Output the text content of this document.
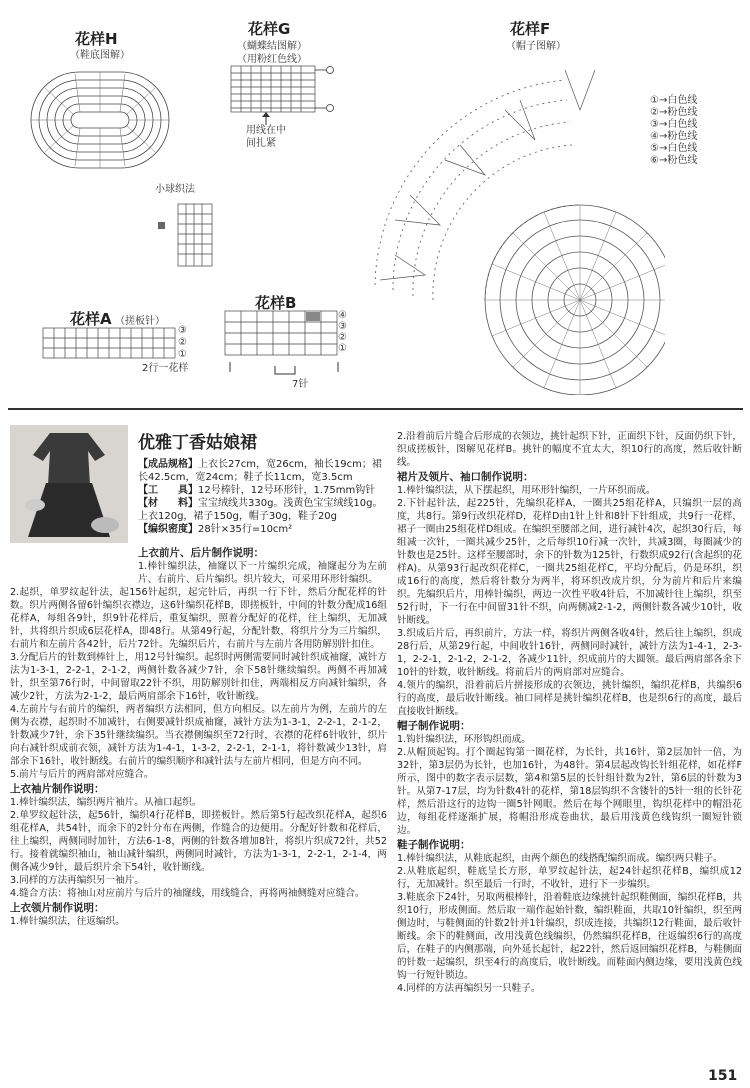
花样H
（鞋底图解）
花样G
（蝴蝶结图解）
（用粉红色线）
用线在中
间扎紧
小球织法
花样A （搓板针）
③
②
①
2行一花样
花样B
④
③
②
①
7针
花样F
（帽子图解）
①→白色线
②→粉色线
③→白色线
④→粉色线
⑤→白色线
⑥→粉色线
优雅丁香姑娘裙
【成品规格】上衣长27cm，宽26cm，袖长19cm；裙长42.5cm，宽24cm；鞋子长11cm，宽3.5cm
【工　　具】12号棒针，12号环形针，1.75mm钩针
【材　　料】宝宝绒线共330g。浅黄色宝宝绒线10g。上衣120g，裙子150g，帽子30g，鞋子20g
【编织密度】28针×35行=10cm²
上衣前片、后片制作说明：
1.棒针编织法，袖窿以下一片编织完成，袖窿起分为左前片、右前片、后片编织。织片较大，可采用环形针编织。
2.起织，单罗纹起针法，起156针起织，起完针后，再织一行下针，然后分配花样的针数。织片两侧各留6针编织衣襟边，这6针编织花样B，即搓板针，中间的针数分配成16组花样A，每组各9针，织9针花样后，重复编织，照着分配好的花样，往上编织，无加减针，共将织片织成6层花样A，即48行。从第49行起，分配针数，将织片分为三片编织，右前片和左前片各42针，后片72针。先编织后片，右前片与左前片各用防解别针扣住。
3.分配后片的针数到棒针上，用12号针编织。起织时两侧需要同时减针织成袖窿，减针方法为1-3-1，2-2-1，2-1-2，两侧针数各减少7针，余下58针继续编织。两侧不再加减针，织至第76行时，中间留取22针不织，用防解别针扣住，两端相反方向减针编织，各减少2针，方法为2-1-2，最后两肩部余下16针，收针断线。
4.左前片与右前片的编织，两者编织方法相同，但方向相反。以左前片为例，左前片的左侧为衣襟，起织时不加减针，右侧要减针织成袖窿，减针方法为1-3-1，2-2-1，2-1-2，针数减少7针，余下35针继续编织。当衣襟侧编织至72行时，衣襟的花样6针收针，织片向右减针织成前衣领，减针方法为1-4-1，1-3-2，2-2-1，2-1-1，将针数减少13针，肩部余下16针，收针断线。右前片的编织顺序和减针法与左前片相同，但是方向不同。
5.前片与后片的两肩部对应缝合。
上衣袖片制作说明：
1.棒针编织法，编织两片袖片。从袖口起织。
2.单罗纹起针法，起56针，编织4行花样B，即搓板针。然后第5行起改织花样A，起织6组花样A，共54针，而余下的2针分布在两侧，作缝合的边便用。分配好针数和花样后，往上编织，两侧同时加针，方法6-1-8，两侧的针数各增加8针，将织片织成72针，共52行。接着就编织袖山，袖山减针编织，两侧同时减针，方法为1-3-1，2-2-1，2-1-4，两侧各减少9针，最后织片余下54针，收针断线。
3.同样的方法再编织另一袖片。
4.缝合方法：将袖山对应前片与后片的袖窿线，用线缝合，再将两袖侧缝对应缝合。
上衣领片制作说明：
1.棒针编织法，往返编织。
2.沿着前后片缝合后形成的衣领边，挑针起织下针，正面织下针，反面仍织下针，织成搓板针，图解见花样B。挑针的幅度不宜太大，织10行的高度，然后收针断线。
裙片及领片、袖口制作说明：
1.棒针编织法，从下摆起织，用环形针编织，一片环织而成。
2.下针起针法，起225针，先编织花样A，一圈共25组花样A，只编织一层的高度，共8行。第9行改织花样D，花样D由1针上针和8针下针组成，共9行一花样，裙子一圈由25组花样D组成。在编织至腰部之间，进行减针4次，起织30行后，每组减一次针，一圈共减少25针，之后每织10行减一次针，共减3圈，每圈减少的针数也是25针。这样至腰部时，余下的针数为125针，行数织成92行(含起织的花样A)。从第93行起改织花样C，一圈共25组花样C，平均分配后，仍是环织，织成16行的高度，然后将针数分为两半，将环织改成片织，分为前片和后片来编织。先编织后片，用棒针编织，两边一次性平收4针后，不加减针往上编织，织至52行时，下一行在中间留31针不织，向两侧减2-1-2，两侧针数各减少10针，收针断线。
3.织成后片后，再织前片，方法一样，将织片两侧各收4针，然后往上编织，织成28行后，从第29行起，中间收针16针，两侧同时减针，减针方法为1-4-1，2-3-1，2-2-1，2-1-2，2-1-2，各减少11针，织成前片的大圆领。最后两肩部各余下10针的针数，收针断线。将前后片的两肩部对应缝合。
4.领片的编织，沿着前后片拼接形成的衣领边，挑针编织，编织花样B，共编织6行的高度，最后收针断线。袖口同样是挑针编织花样B，也是织6行的高度，最后直接收针断线。
帽子制作说明：
1.钩针编织法，环形钩织而成。
2.从帽顶起钩。打个圈起钩第一圈花样，为长针，共16针，第2层加针一倍，为32针，第3层仍为长针，也加16针，为48针。第4层起改钩长针组花样，如花样F所示，图中的数字表示层数，第4和第5层的长针组针数为2针，第6层的针数为3针。从第7-17层，均为针数4针的花样，第18层钩织不含镂针的5针一组的长针花样，然后沿这行的边钩一圈5针网眼。然后在每个网眼里，钩织花样中的帽沿花边，每组花样逐渐扩展，将帽沿形成卷曲状，最后用浅黄色线钩织一圈短针锁边。
鞋子制作说明：
1.棒针编织法，从鞋底起织，由两个颜色的线搭配编织而成。编织两只鞋子。
2.从鞋底起织，鞋底呈长方形，单罗纹起针法，起24针起织花样B，编织成12行，无加减针。织至最后一行时，不收针，进行下一步编织。
3.鞋底余下24针，另取两根棒针，沿着鞋底边缘挑针起织鞋侧面，编织花样B，共织10行，形成侧面。然后取一端作起始针数，编织鞋面，共取10针编织，织至两侧边时，与鞋侧面的针数2针并1针编织，织成连接，共编织12行鞋面，最后收针断线。余下的鞋侧面，改用浅黄色线编织，仍然编织花样B，往返编织6行的高度后，在鞋子的内侧那端，向外延长起针，起22针，然后返回编织花样B，与鞋侧面的针数一起编织，织至4行的高度后，收针断线。而鞋面内侧边缘，要用浅黄色线钩一行短针锁边。
4.同样的方法再编织另一只鞋子。
151
